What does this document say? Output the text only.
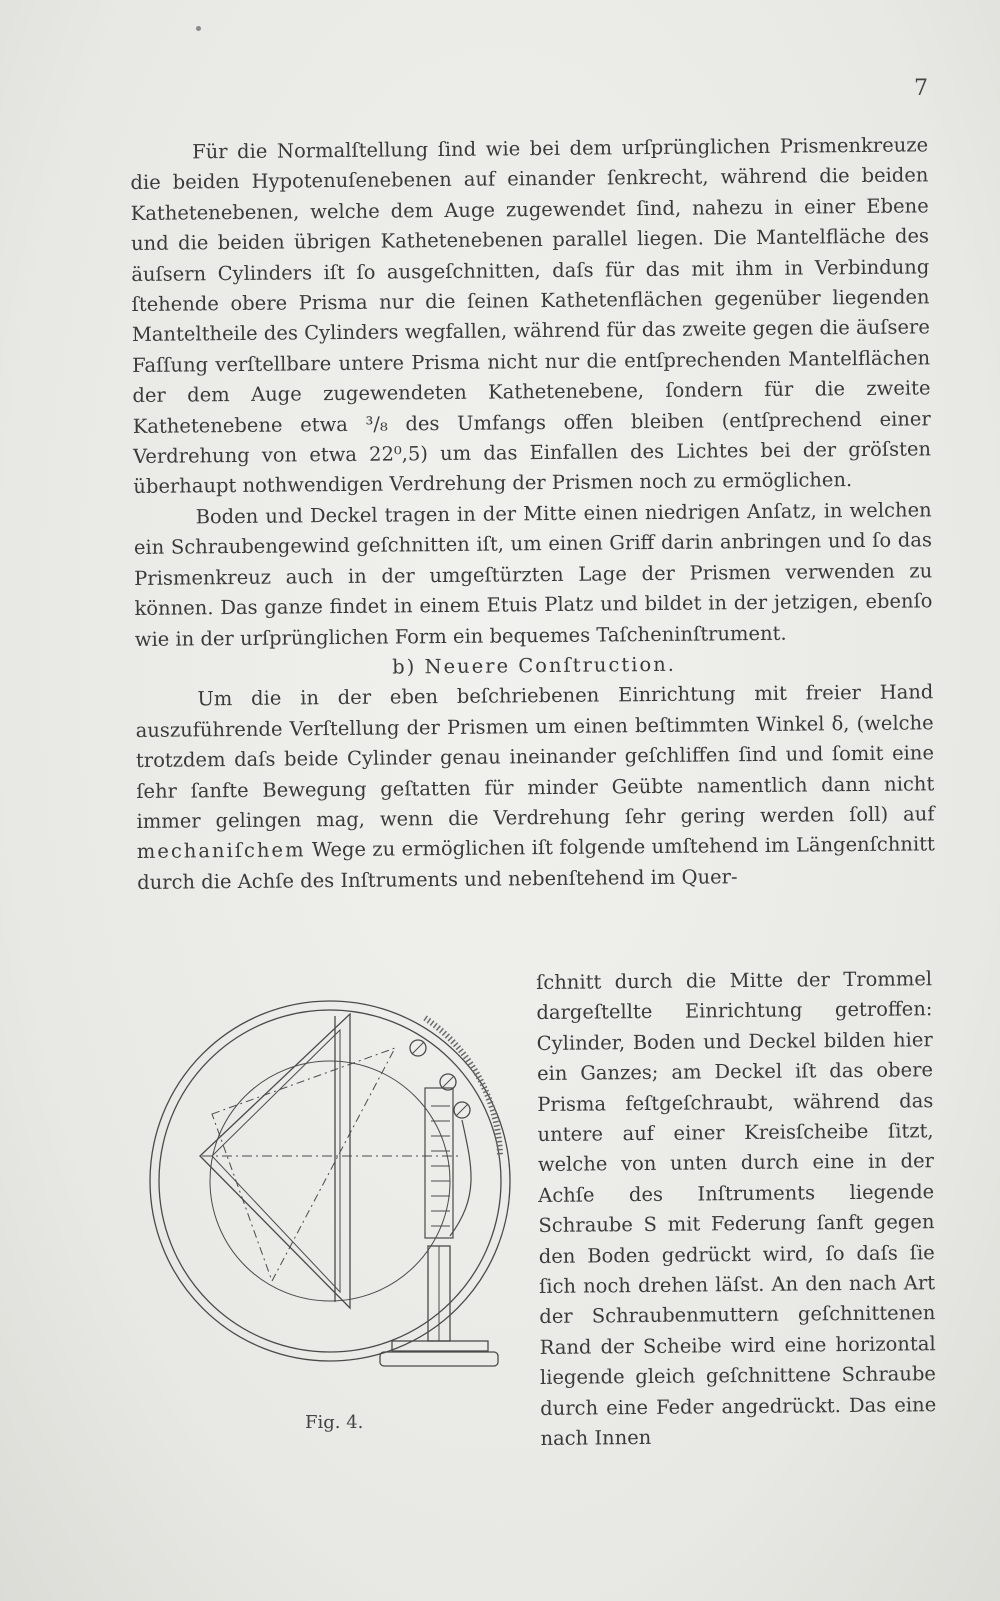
7

Für die Normalſtellung ſind wie bei dem urſprünglichen Prismenkreuze die beiden Hypotenuſenebenen auf einander ſenkrecht, während die beiden Kathetenebenen, welche dem Auge zugewendet ſind, nahezu in einer Ebene und die beiden übrigen Kathetenebenen parallel liegen. Die Mantelfläche des äuſsern Cylinders iſt ſo ausgeſchnitten, daſs für das mit ihm in Verbindung ſtehende obere Prisma nur die ſeinen Kathetenflächen gegenüber liegenden Manteltheile des Cylinders wegfallen, während für das zweite gegen die äuſsere Faſſung verſtellbare untere Prisma nicht nur die entſprechenden Mantelflächen der dem Auge zugewendeten Kathetenebene, ſondern für die zweite Kathetenebene etwa ³/₈ des Umfangs offen bleiben (entſprechend einer Verdrehung von etwa 22⁰,5) um das Einfallen des Lichtes bei der gröſsten überhaupt nothwendigen Verdrehung der Prismen noch zu ermöglichen.

Boden und Deckel tragen in der Mitte einen niedrigen Anſatz, in welchen ein Schraubengewind geſchnitten iſt, um einen Griff darin anbringen und ſo das Prismenkreuz auch in der umgeſtürzten Lage der Prismen verwenden zu können. Das ganze findet in einem Etuis Platz und bildet in der jetzigen, ebenſo wie in der urſprünglichen Form ein bequemes Taſcheninſtrument.

b) Neuere Conſtruction.

Um die in der eben beſchriebenen Einrichtung mit freier Hand auszuführende Verſtellung der Prismen um einen beſtimmten Winkel δ, (welche trotzdem daſs beide Cylinder genau ineinander geſchliffen ſind und ſomit eine ſehr ſanfte Bewegung geſtatten für minder Geübte namentlich dann nicht immer gelingen mag, wenn die Verdrehung ſehr gering werden ſoll) auf mechaniſchem Wege zu ermöglichen iſt folgende umſtehend im Längenſchnitt durch die Achſe des Inſtruments und nebenſtehend im Quer-

ſchnitt durch die Mitte der Trommel dargeſtellte Einrichtung getroffen: Cylinder, Boden und Deckel bilden hier ein Ganzes; am Deckel iſt das obere Prisma feſtgeſchraubt, während das untere auf einer Kreisſcheibe ſitzt, welche von unten durch eine in der Achſe des Inſtruments liegende Schraube S mit Federung ſanft gegen den Boden gedrückt wird, ſo daſs ſie ſich noch drehen läſst. An den nach Art der Schraubenmuttern geſchnittenen Rand der Scheibe wird eine horizontal liegende gleich geſchnittene Schraube durch eine Feder angedrückt. Das eine nach Innen
Fig. 4.
